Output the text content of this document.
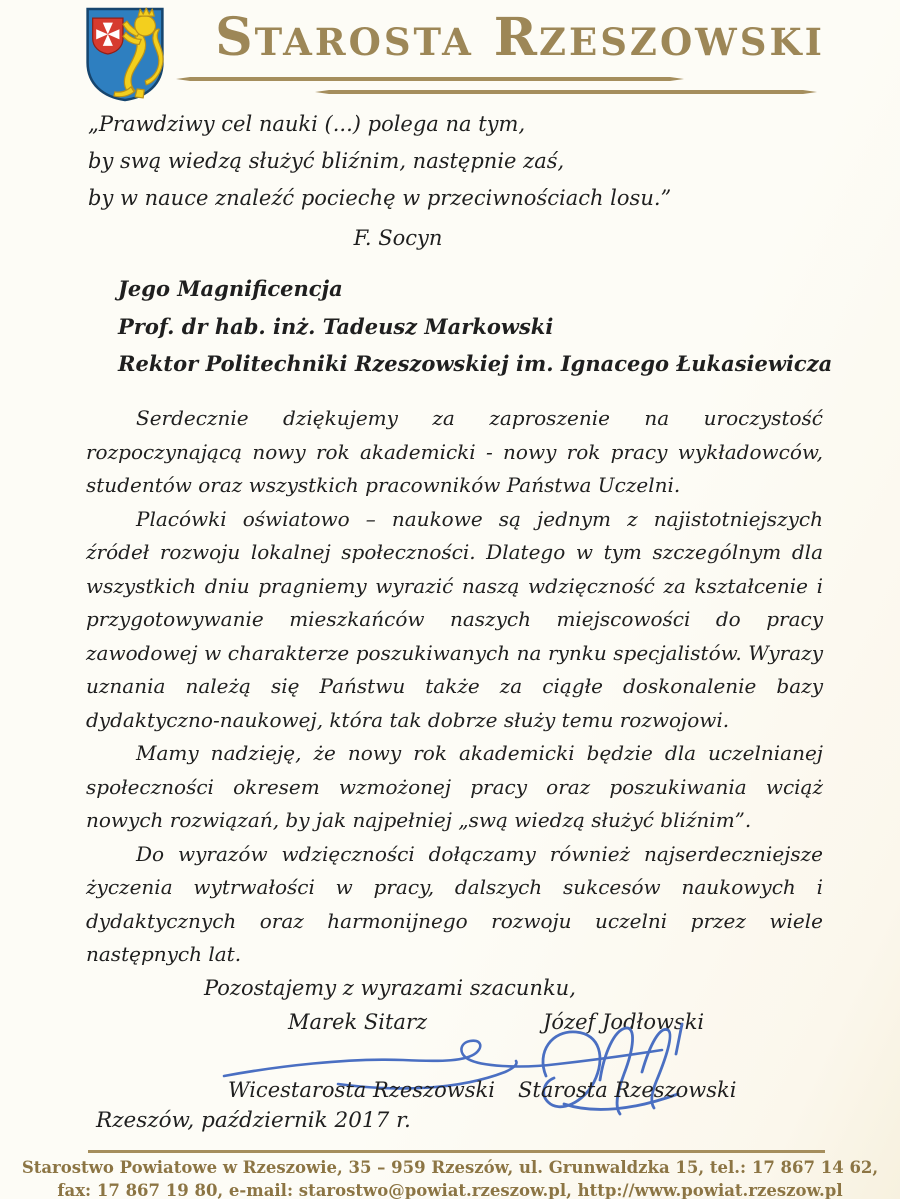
STAROSTA RZESZOWSKI
„Prawdziwy cel nauki (...) polega na tym,
by swą wiedzą służyć bliźnim, następnie zaś,
by w nauce znaleźć pociechę w przeciwnościach losu.”
F. Socyn
Jego Magnificencja
Prof. dr hab. inż. Tadeusz Markowski
Rektor Politechniki Rzeszowskiej im. Ignacego Łukasiewicza

Serdecznie dziękujemy za zaproszenie na uroczystość rozpoczynającą nowy rok akademicki - nowy rok pracy wykładowców, studentów oraz wszystkich pracowników Państwa Uczelni.

Placówki oświatowo – naukowe są jednym z najistotniejszych źródeł rozwoju lokalnej społeczności. Dlatego w tym szczególnym dla wszystkich dniu pragniemy wyrazić naszą wdzięczność za kształcenie i przygotowywanie mieszkańców naszych miejscowości do pracy zawodowej w charakterze poszukiwanych na rynku specjalistów. Wyrazy uznania należą się Państwu także za ciągłe doskonalenie bazy dydaktyczno-naukowej, która tak dobrze służy temu rozwojowi.

Mamy nadzieję, że nowy rok akademicki będzie dla uczelnianej społeczności okresem wzmożonej pracy oraz poszukiwania wciąż nowych rozwiązań, by jak najpełniej „swą wiedzą służyć bliźnim”.

Do wyrazów wdzięczności dołączamy również najserdeczniejsze życzenia wytrwałości w pracy, dalszych sukcesów naukowych i dydaktycznych oraz harmonijnego rozwoju uczelni przez wiele następnych lat.

Pozostajemy z wyrazami szacunku,
Marek Sitarz	Józef Jodłowski
Wicestarosta Rzeszowski Starosta Rzeszowski
Rzeszów, październik 2017 r.
Starostwo Powiatowe w Rzeszowie, 35 – 959 Rzeszów, ul. Grunwaldzka 15, tel.: 17 867 14 62,
fax: 17 867 19 80, e-mail: starostwo@powiat.rzeszow.pl, http://www.powiat.rzeszow.pl
